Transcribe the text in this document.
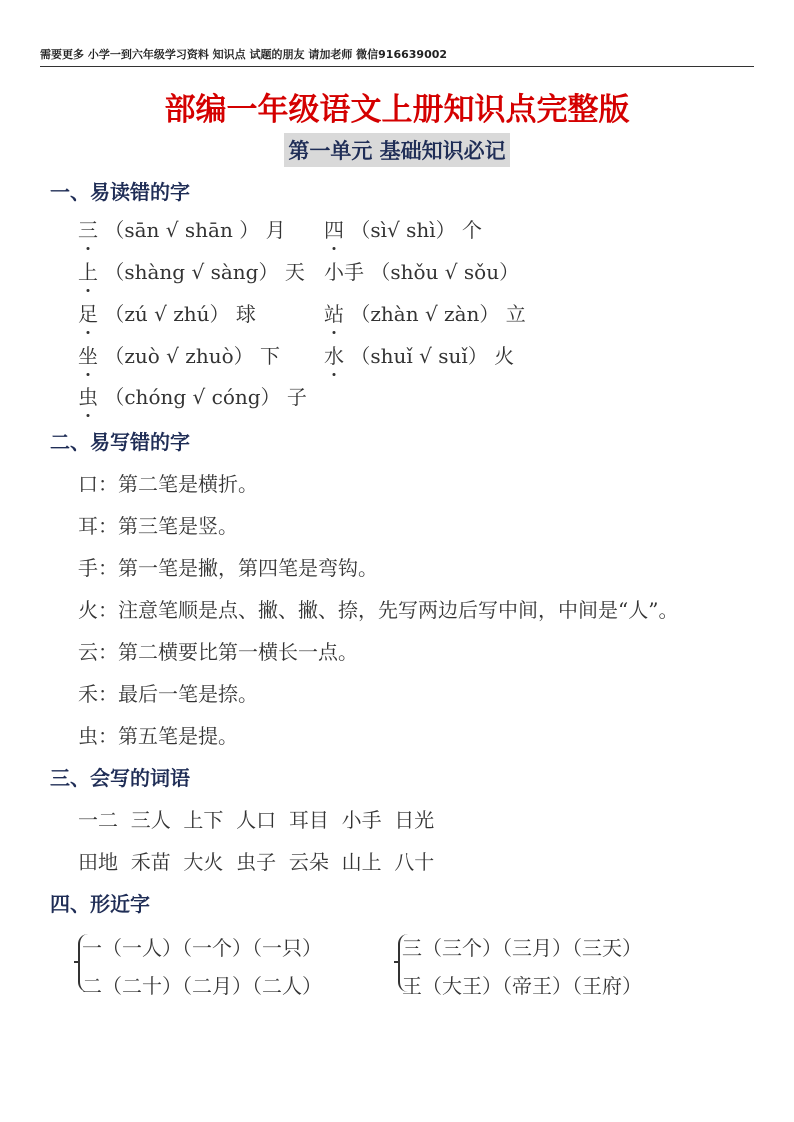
需要更多 小学一到六年级学习资料 知识点 试题的朋友 请加老师 微信916639002
部编一年级语文上册知识点完整版
第一单元 基础知识必记
一、易读错的字
三 （sān √ shān ） 月 四 （sì√ shì） 个
上 （shàng √ sàng） 天 小手 （shǒu √ sǒu）
足 （zú √ zhú） 球	站 （zhàn √ zàn） 立
坐 （zuò √ zhuò） 下 水 （shuǐ √ suǐ） 火
虫 （chóng √ cóng） 子
二、易写错的字
口：第二笔是横折。
耳：第三笔是竖。
手：第一笔是撇，第四笔是弯钩。
火：注意笔顺是点、撇、撇、捺，先写两边后写中间，中间是“人”。
云：第二横要比第一横长一点。
禾：最后一笔是捺。
虫：第五笔是提。
三、会写的词语
一二  三人  上下  人口  耳目  小手  日光
田地  禾苗  大火  虫子  云朵  山上  八十
四、形近字
一（一人）（一个）（一只）
二（二十）（二月）（二人）
三（三个）（三月）（三天）
王（大王）（帝王）（王府）
